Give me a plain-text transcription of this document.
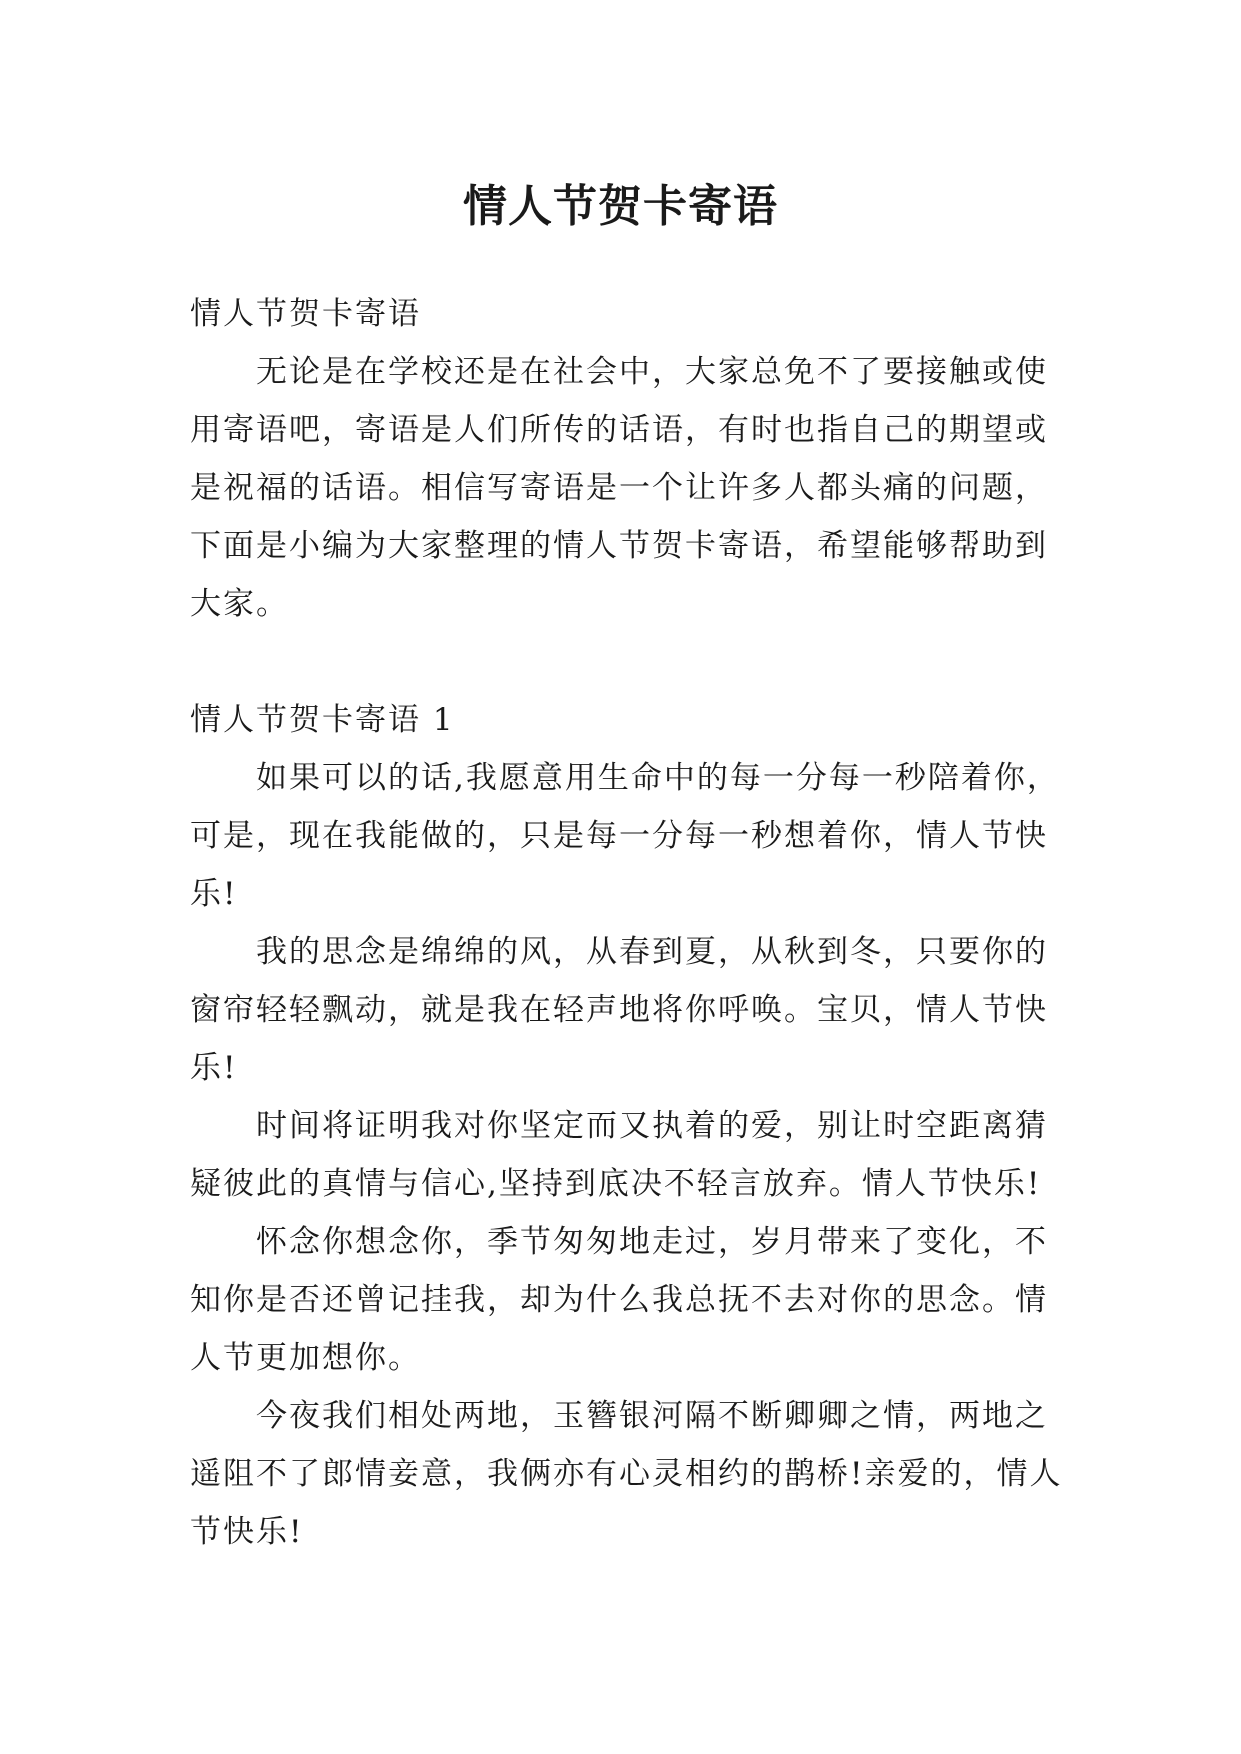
情人节贺卡寄语

情人节贺卡寄语

无论是在学校还是在社会中，大家总免不了要接触或使用寄语吧，寄语是人们所传的话语，有时也指自己的期望或是祝福的话语。相信写寄语是一个让许多人都头痛的问题，下面是小编为大家整理的情人节贺卡寄语，希望能够帮助到大家。

情人节贺卡寄语 1

如果可以的话,我愿意用生命中的每一分每一秒陪着你，可是，现在我能做的，只是每一分每一秒想着你，情人节快乐!

我的思念是绵绵的风，从春到夏，从秋到冬，只要你的窗帘轻轻飘动，就是我在轻声地将你呼唤。宝贝，情人节快乐!

时间将证明我对你坚定而又执着的爱，别让时空距离猜疑彼此的真情与信心,坚持到底决不轻言放弃。情人节快乐!

怀念你想念你，季节匆匆地走过，岁月带来了变化，不知你是否还曾记挂我，却为什么我总抚不去对你的思念。情人节更加想你。

今夜我们相处两地，玉簪银河隔不断卿卿之情，两地之遥阻不了郎情妾意，我俩亦有心灵相约的鹊桥!亲爱的，情人节快乐!
